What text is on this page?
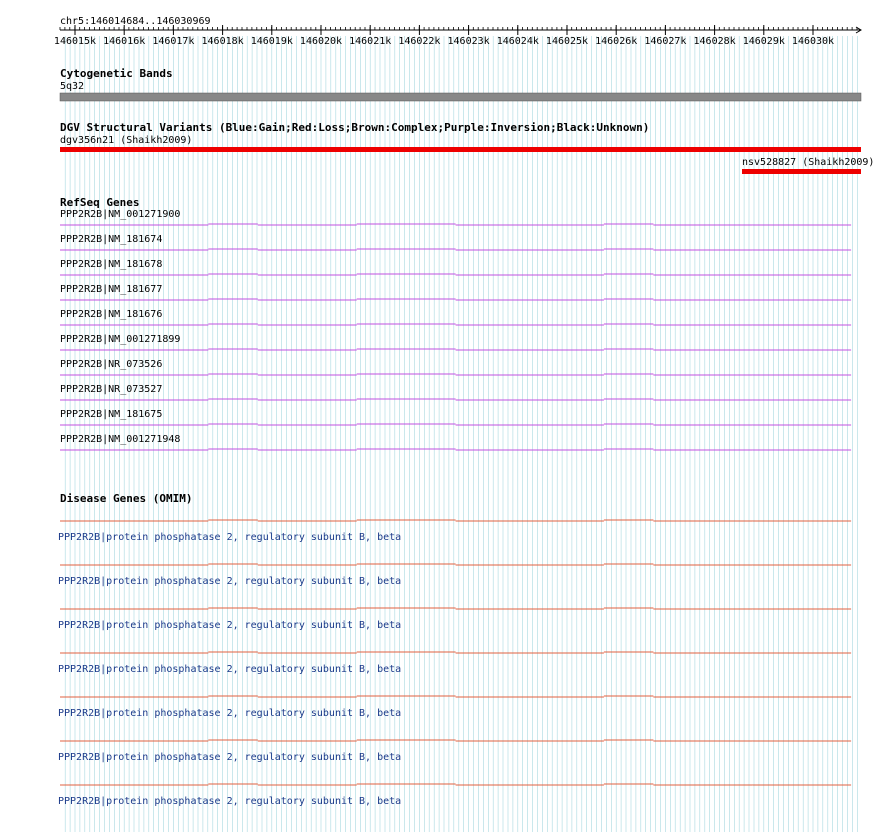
chr5:146014684..146030969
146015k 146016k 146017k 146018k 146019k 146020k 146021k 146022k 146023k 146024k 146025k 146026k 146027k 146028k 146029k 146030k
Cytogenetic Bands
5q32
DGV Structural Variants (Blue:Gain;Red:Loss;Brown:Complex;Purple:Inversion;Black:Unknown)
dgv356n21 (Shaikh2009)
nsv528827 (Shaikh2009)
RefSeq Genes
PPP2R2B|NM_001271900
PPP2R2B|NM_181674
PPP2R2B|NM_181678
PPP2R2B|NM_181677
PPP2R2B|NM_181676
PPP2R2B|NM_001271899
PPP2R2B|NR_073526
PPP2R2B|NR_073527
PPP2R2B|NM_181675
PPP2R2B|NM_001271948
Disease Genes (OMIM)
PPP2R2B|protein phosphatase 2, regulatory subunit B, beta
PPP2R2B|protein phosphatase 2, regulatory subunit B, beta
PPP2R2B|protein phosphatase 2, regulatory subunit B, beta
PPP2R2B|protein phosphatase 2, regulatory subunit B, beta
PPP2R2B|protein phosphatase 2, regulatory subunit B, beta
PPP2R2B|protein phosphatase 2, regulatory subunit B, beta
PPP2R2B|protein phosphatase 2, regulatory subunit B, beta
